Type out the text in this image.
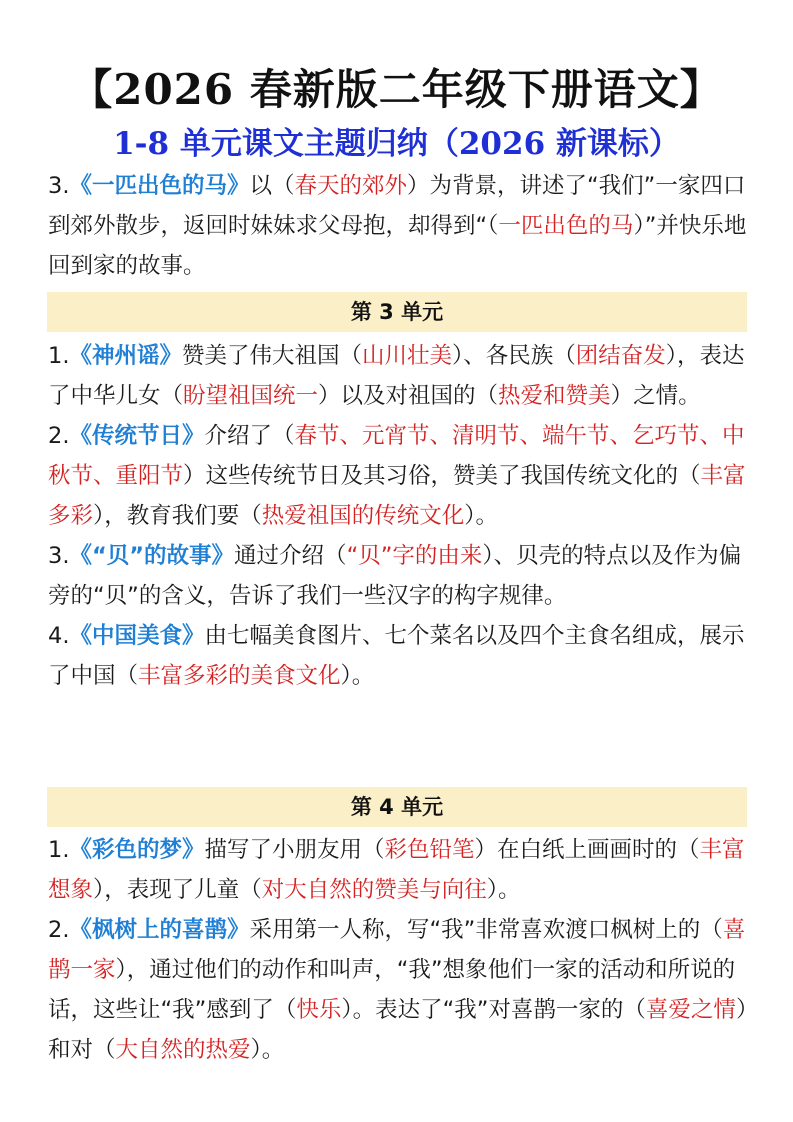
【2026 春新版二年级下册语文】
1-8 单元课文主题归纳（2026 新课标）

3.《一匹出色的马》以（春天的郊外）为背景，讲述了“我们”一家四口到郊外散步，返回时妹妹求父母抱，却得到“（一匹出色的马）”并快乐地回到家的故事。

第 3 单元

1.《神州谣》赞美了伟大祖国（山川壮美）、各民族（团结奋发），表达了中华儿女（盼望祖国统一）以及对祖国的（热爱和赞美）之情。

2.《传统节日》介绍了（春节、元宵节、清明节、端午节、乞巧节、中秋节、重阳节）这些传统节日及其习俗，赞美了我国传统文化的（丰富多彩），教育我们要（热爱祖国的传统文化）。

3.《“贝”的故事》通过介绍（“贝”字的由来）、贝壳的特点以及作为偏旁的“贝”的含义，告诉了我们一些汉字的构字规律。

4.《中国美食》由七幅美食图片、七个菜名以及四个主食名组成，展示了中国（丰富多彩的美食文化）。

第 4 单元

1.《彩色的梦》描写了小朋友用（彩色铅笔）在白纸上画画时的（丰富想象），表现了儿童（对大自然的赞美与向往）。

2.《枫树上的喜鹊》采用第一人称，写“我”非常喜欢渡口枫树上的（喜鹊一家），通过他们的动作和叫声，“我”想象他们一家的活动和所说的话，这些让“我”感到了（快乐）。表达了“我”对喜鹊一家的（喜爱之情）和对（大自然的热爱）。
